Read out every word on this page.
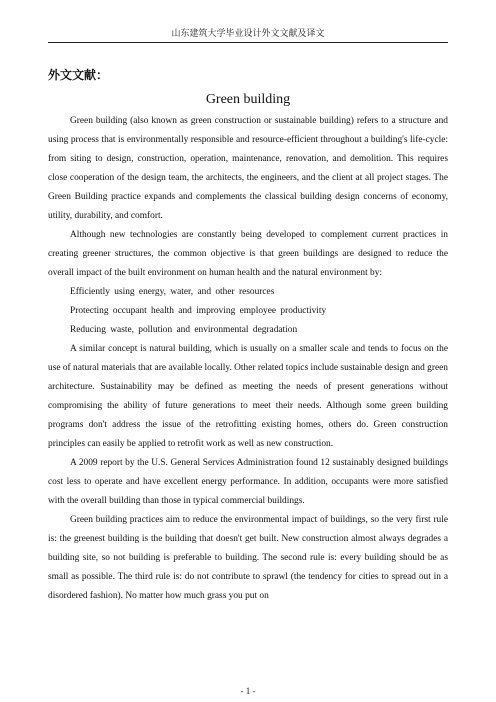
山东建筑大学毕业设计外文文献及译文
外文文献：
Green building

Green building (also known as green construction or sustainable building) refers to a structure and using process that is environmentally responsible and resource-efficient throughout a building's life-cycle: from siting to design, construction, operation, maintenance, renovation, and demolition. This requires close cooperation of the design team, the architects, the engineers, and the client at all project stages. The Green Building practice expands and complements the classical building design concerns of economy, utility, durability, and comfort.

Although new technologies are constantly being developed to complement current practices in creating greener structures, the common objective is that green buildings are designed to reduce the overall impact of the built environment on human health and the natural environment by:

Efficiently using energy, water, and other resources

Protecting occupant health and improving employee productivity

Reducing waste, pollution and environmental degradation

A similar concept is natural building, which is usually on a smaller scale and tends to focus on the use of natural materials that are available locally. Other related topics include sustainable design and green architecture. Sustainability may be defined as meeting the needs of present generations without compromising the ability of future generations to meet their needs. Although some green building programs don't address the issue of the retrofitting existing homes, others do. Green construction principles can easily be applied to retrofit work as well as new construction.

A 2009 report by the U.S. General Services Administration found 12 sustainably designed buildings cost less to operate and have excellent energy performance. In addition, occupants were more satisfied with the overall building than those in typical commercial buildings.

Green building practices aim to reduce the environmental impact of buildings, so the very first rule is: the greenest building is the building that doesn't get built. New construction almost always degrades a building site, so not building is preferable to building. The second rule is: every building should be as small as possible. The third rule is: do not contribute to sprawl (the tendency for cities to spread out in a disordered fashion). No matter how much grass you put on

- 1 -
